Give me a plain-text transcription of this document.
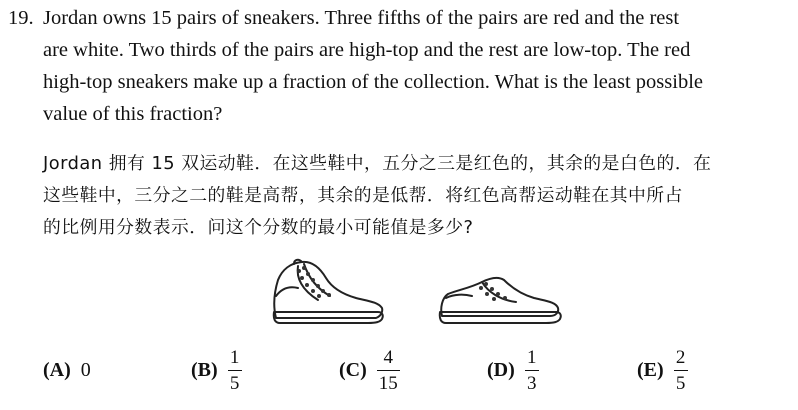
19. Jordan owns 15 pairs of sneakers. Three fifths of the pairs are red and the rest
are white. Two thirds of the pairs are high-top and the rest are low-top. The red
high-top sneakers make up a fraction of the collection. What is the least possible
value of this fraction?
Jordan 拥有 15 双运动鞋．在这些鞋中，五分之三是红色的，其余的是白色的．在
这些鞋中，三分之二的鞋是高帮，其余的是低帮．将红色高帮运动鞋在其中所占
的比例用分数表示．问这个分数的最小可能值是多少?
(A) 0	$(B) \frac{1}{5}$	$(C) \frac{4}{15}$	$(D) \frac{1}{3}$	$(E) \frac{2}{5}$
